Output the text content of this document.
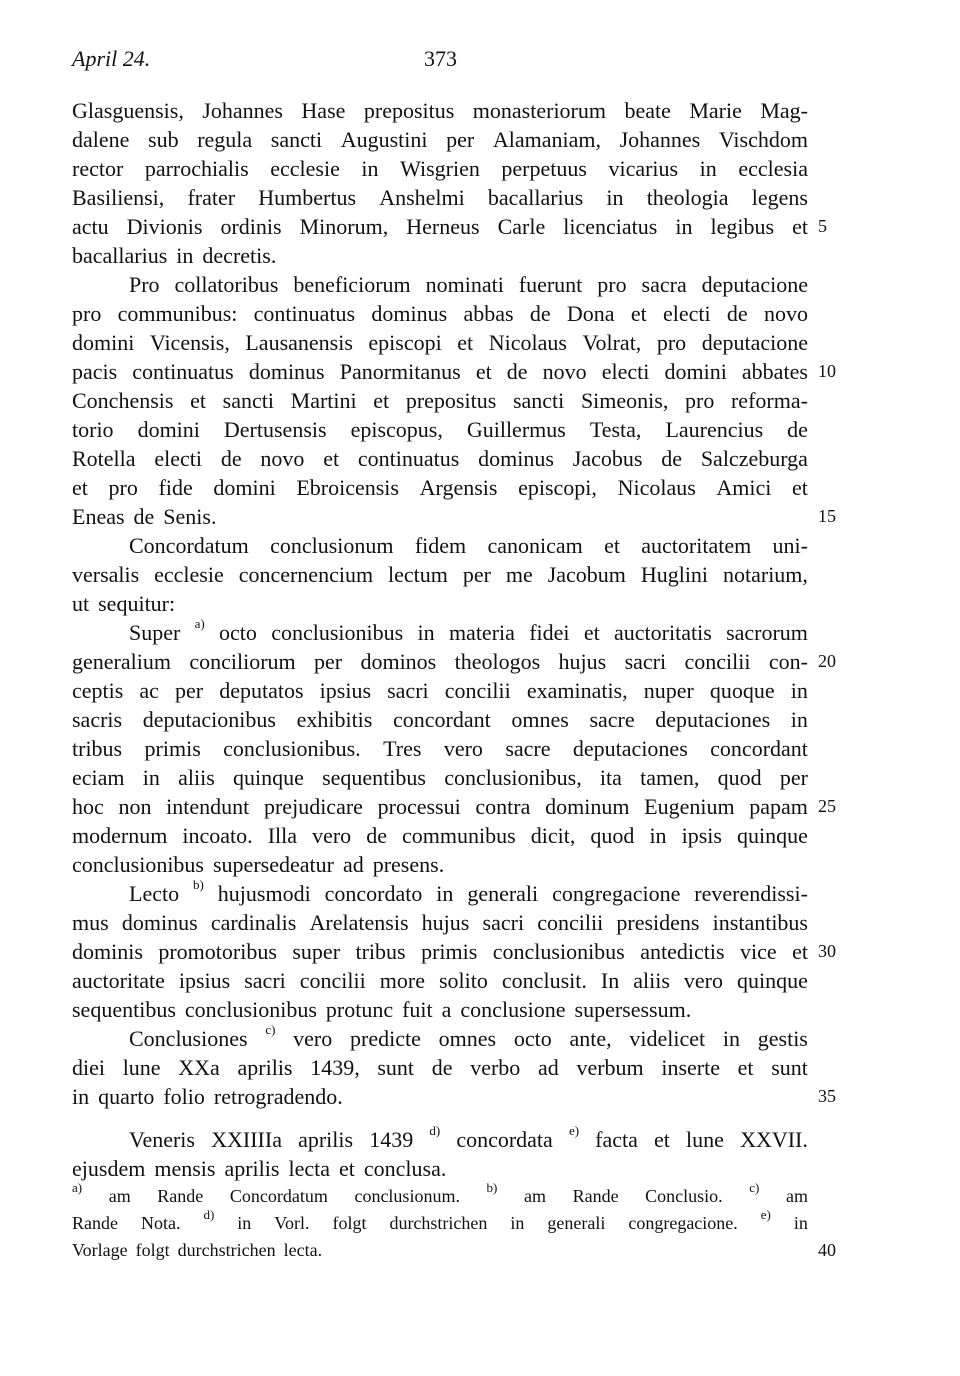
April 24.	373
Glasguensis, Johannes Hase prepositus monasteriorum beate Marie Mag-
dalene sub regula sancti Augustini per Alamaniam, Johannes Vischdom
rector parrochialis ecclesie in Wisgrien perpetuus vicarius in ecclesia
Basiliensi, frater Humbertus Anshelmi bacallarius in theologia legens
actu Divionis ordinis Minorum, Herneus Carle licenciatus in legibus et 5
bacallarius in decretis.
Pro collatoribus beneficiorum nominati fuerunt pro sacra deputacione
pro communibus: continuatus dominus abbas de Dona et electi de novo
domini Vicensis, Lausanensis episcopi et Nicolaus Volrat, pro deputacione
pacis continuatus dominus Panormitanus et de novo electi domini abbates 10
Conchensis et sancti Martini et prepositus sancti Simeonis, pro reforma-
torio domini Dertusensis episcopus, Guillermus Testa, Laurencius de
Rotella electi de novo et continuatus dominus Jacobus de Salczeburga
et pro fide domini Ebroicensis Argensis episcopi, Nicolaus Amici et
Eneas de Senis.	15
Concordatum conclusionum fidem canonicam et auctoritatem uni-
versalis ecclesie concernencium lectum per me Jacobum Huglini notarium,
ut sequitur:
Super a) octo conclusionibus in materia fidei et auctoritatis sacrorum
generalium conciliorum per dominos theologos hujus sacri concilii con- 20
ceptis ac per deputatos ipsius sacri concilii examinatis, nuper quoque in
sacris deputacionibus exhibitis concordant omnes sacre deputaciones in
tribus primis conclusionibus. Tres vero sacre deputaciones concordant
eciam in aliis quinque sequentibus conclusionibus, ita tamen, quod per
hoc non intendunt prejudicare processui contra dominum Eugenium papam 25
modernum incoato. Illa vero de communibus dicit, quod in ipsis quinque
conclusionibus supersedeatur ad presens.
Lecto b) hujusmodi concordato in generali congregacione reverendissi-
mus dominus cardinalis Arelatensis hujus sacri concilii presidens instantibus
dominis promotoribus super tribus primis conclusionibus antedictis vice et 30
auctoritate ipsius sacri concilii more solito conclusit. In aliis vero quinque
sequentibus conclusionibus protunc fuit a conclusione supersessum.
Conclusiones c) vero predicte omnes octo ante, videlicet in gestis
diei lune XXa aprilis 1439, sunt de verbo ad verbum inserte et sunt
in quarto folio retrogradendo.	35
Veneris XXIIIIa aprilis 1439 d) concordata e) facta et lune XXVII.
ejusdem mensis aprilis lecta et conclusa.
a) am Rande Concordatum conclusionum. b) am Rande Conclusio. c) am
Rande Nota. d) in Vorl. folgt durchstrichen in generali congregacione. e) in
Vorlage folgt durchstrichen lecta.	40
